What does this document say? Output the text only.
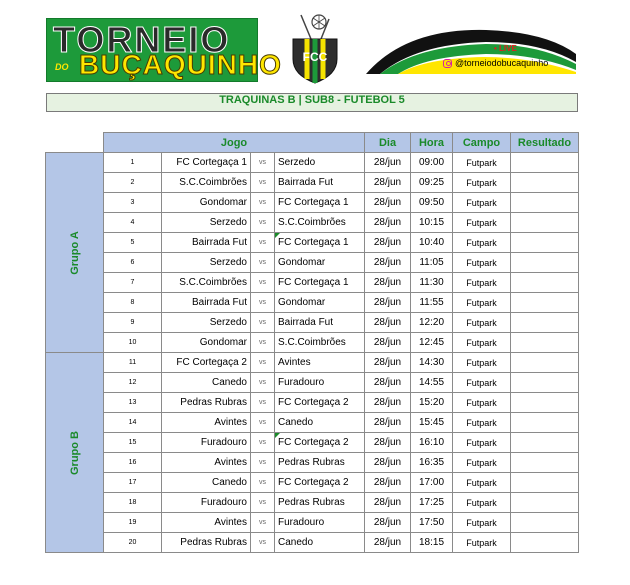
TORNEIO
DO BUÇAQUINHO FCC
• LIVE
@torneiodobucaquinho
TRAQUINAS B | SUB8 - FUTEBOL 5
	Jogo				Dia	Hora	Campo	Resultado
Grupo A	1	FC Cortegaça 1	vs	Serzedo	28/jun	09:00	Futpark	
	2	S.C.Coimbrões	vs	Bairrada Fut	28/jun	09:25	Futpark	
	3	Gondomar	vs	FC Cortegaça 1	28/jun	09:50	Futpark	
	4	Serzedo	vs	S.C.Coimbrões	28/jun	10:15	Futpark	
	5	Bairrada Fut	vs	FC Cortegaça 1	28/jun	10:40	Futpark	
	6	Serzedo	vs	Gondomar	28/jun	11:05	Futpark	
	7	S.C.Coimbrões	vs	FC Cortegaça 1	28/jun	11:30	Futpark	
	8	Bairrada Fut	vs	Gondomar	28/jun	11:55	Futpark	
	9	Serzedo	vs	Bairrada Fut	28/jun	12:20	Futpark	
	10	Gondomar	vs	S.C.Coimbrões	28/jun	12:45	Futpark	
Grupo B	11	FC Cortegaça 2	vs	Avintes	28/jun	14:30	Futpark	
	12	Canedo	vs	Furadouro	28/jun	14:55	Futpark	
	13	Pedras Rubras	vs	FC Cortegaça 2	28/jun	15:20	Futpark	
	14	Avintes	vs	Canedo	28/jun	15:45	Futpark	
	15	Furadouro	vs	FC Cortegaça 2	28/jun	16:10	Futpark	
	16	Avintes	vs	Pedras Rubras	28/jun	16:35	Futpark	
	17	Canedo	vs	FC Cortegaça 2	28/jun	17:00	Futpark	
	18	Furadouro	vs	Pedras Rubras	28/jun	17:25	Futpark	
	19	Avintes	vs	Furadouro	28/jun	17:50	Futpark	
	20	Pedras Rubras	vs	Canedo	28/jun	18:15	Futpark	
